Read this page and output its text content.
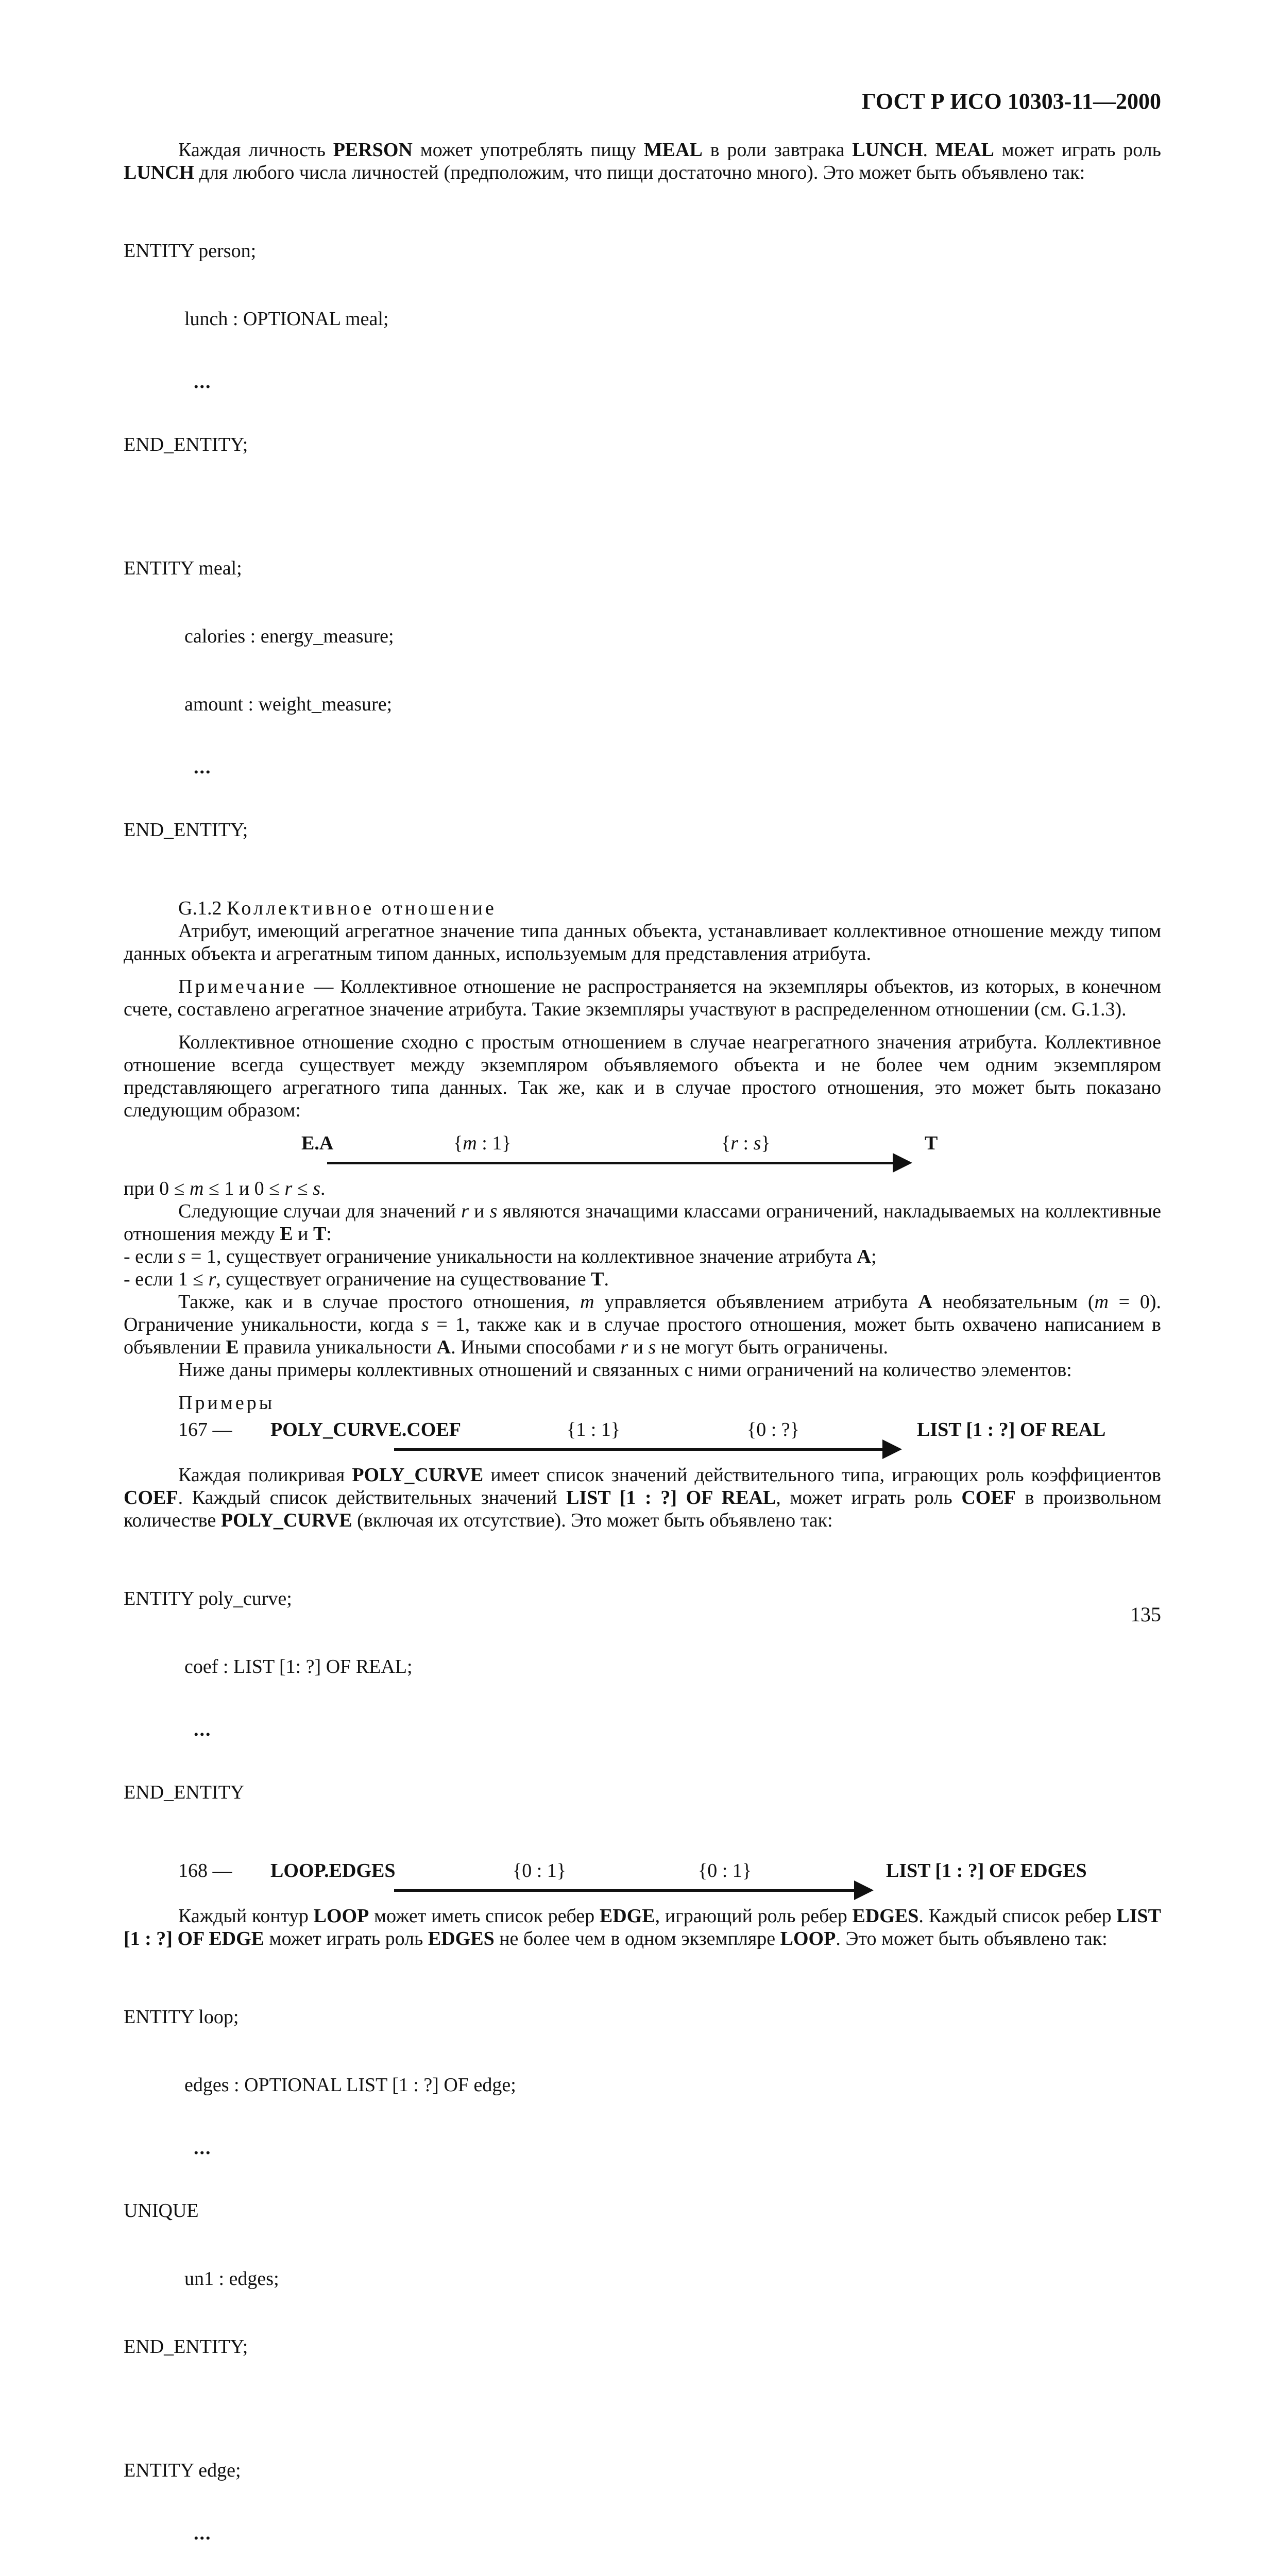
ГОСТ Р ИСО 10303-11—2000

Каждая личность PERSON может употреблять пищу MEAL в роли завтрака LUNCH. MEAL может играть роль LUNCH для любого числа личностей (предположим, что пищи достаточно много). Это может быть объявлено так:

ENTITY person;

lunch : OPTIONAL meal;

...

END_ENTITY;

ENTITY meal;

calories : energy_measure;

amount : weight_measure;

...

END_ENTITY;

G.1.2 Коллективное отношение

Атрибут, имеющий агрегатное значение типа данных объекта, устанавливает коллективное отношение между типом данных объекта и агрегатным типом данных, используемым для представления атрибута.

Примечание — Коллективное отношение не распространяется на экземпляры объектов, из которых, в конечном счете, составлено агрегатное значение атрибута. Такие экземпляры участвуют в распределенном отношении (см. G.1.3).

Коллективное отношение сходно с простым отношением в случае неагрегатного значения атрибута. Коллективное отношение всегда существует между экземпляром объявляемого объекта и не более чем одним экземпляром представляющего агрегатного типа данных. Так же, как и в случае простого отношения, это может быть показано следующим образом:

E.A	{m : 1}	{r : s}	T

при 0 ≤ m ≤ 1 и 0 ≤ r ≤ s.

Следующие случаи для значений r и s являются значащими классами ограничений, накладываемых на коллективные отношения между E и T:

- если s = 1, существует ограничение уникальности на коллективное значение атрибута A;

- если 1 ≤ r, существует ограничение на существование T.

Также, как и в случае простого отношения, m управляется объявлением атрибута A необязательным (m = 0). Ограничение уникальности, когда s = 1, также как и в случае простого отношения, может быть охвачено написанием в объявлении E правила уникальности A. Иными способами r и s не могут быть ограничены.

Ниже даны примеры коллективных отношений и связанных с ними ограничений на количество элементов:

Примеры

167 — POLY_CURVE.COEF	{1 : 1}	{0 : ?}	LIST [1 : ?] OF REAL

Каждая поликривая POLY_CURVE имеет список значений действительного типа, играющих роль коэффициентов COEF. Каждый список действительных значений LIST [1 : ?] OF REAL, может играть роль COEF в произвольном количестве POLY_CURVE (включая их отсутствие). Это может быть объявлено так:

ENTITY poly_curve;

coef : LIST [1: ?] OF REAL;

...

END_ENTITY

168 — LOOP.EDGES	{0 : 1}	{0 : 1}	LIST [1 : ?] OF EDGES

Каждый контур LOOP может иметь список ребер EDGE, играющий роль ребер EDGES. Каждый список ребер LIST [1 : ?] OF EDGE может играть роль EDGES не более чем в одном экземпляре LOOP. Это может быть объявлено так:

ENTITY loop;

edges : OPTIONAL LIST [1 : ?] OF edge;

...

UNIQUE

un1 : edges;

END_ENTITY;

ENTITY edge;

...

135
